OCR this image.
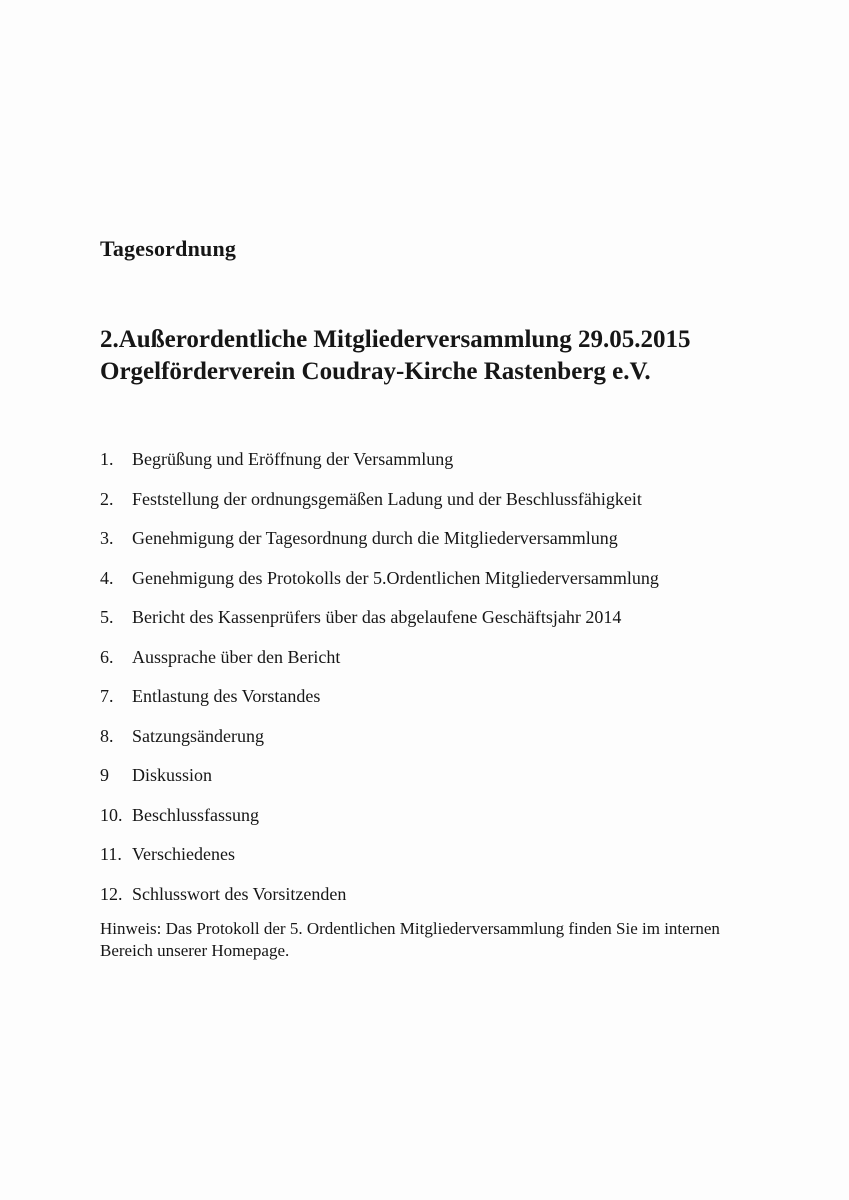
Tagesordnung
2.Außerordentliche Mitgliederversammlung 29.05.2015
Orgelförderverein Coudray-Kirche Rastenberg e.V.
1.	Begrüßung und Eröffnung der Versammlung
2.	Feststellung der ordnungsgemäßen Ladung und der Beschlussfähigkeit
3.	Genehmigung der Tagesordnung durch die Mitgliederversammlung
4.	Genehmigung des Protokolls der 5.Ordentlichen Mitgliederversammlung
5.	Bericht des Kassenprüfers über das abgelaufene Geschäftsjahr 2014
6.	Aussprache über den Bericht
7.	Entlastung des Vorstandes
8.	Satzungsänderung
9	Diskussion
10. Beschlussfassung
11. Verschiedenes
12. Schlusswort des Vorsitzenden
Hinweis: Das Protokoll der 5. Ordentlichen Mitgliederversammlung finden Sie im internen
Bereich unserer Homepage.
